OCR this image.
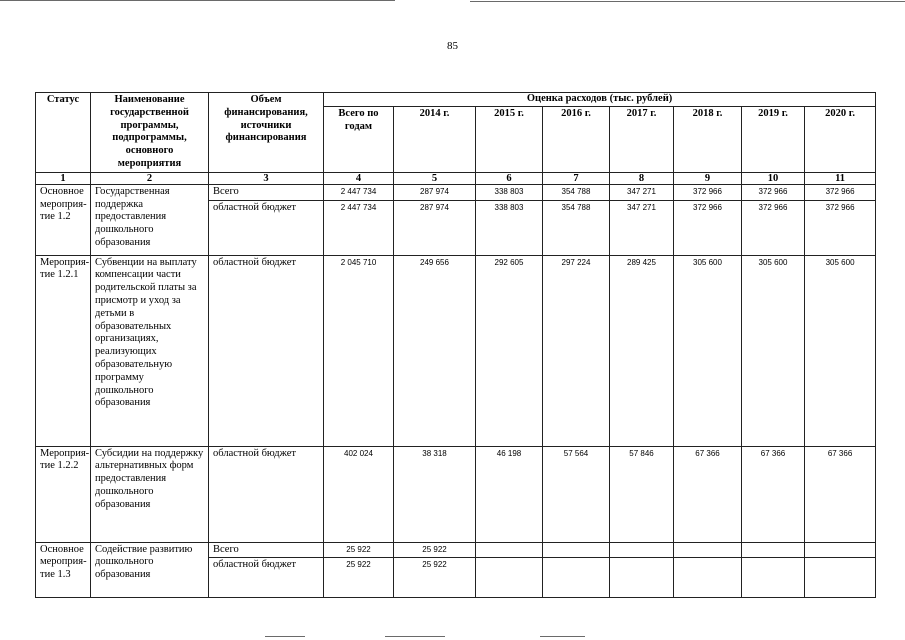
85
Статус	Наименование государственной программы, подпрограммы, основного мероприятия	Объем финансирования, источники финансирования	Оценка расходов (тыс. рублей)							
			Всего по годам	2014 г.	2015 г.	2016 г.	2017 г.	2018 г.	2019 г.	2020 г.
1	2	3	4	5	6	7	8	9	10	11
Основное мероприя-тие 1.2	Государственная поддержка предоставления дошкольного образования	Всего	2 447 734	287 974	338 803	354 788	347 271	372 966	372 966	372 966
		областной бюджет	2 447 734	287 974	338 803	354 788	347 271	372 966	372 966	372 966
Мероприя-тие 1.2.1	Субвенции на выплату компенсации части родительской платы за присмотр и уход за детьми в образовательных организациях, реализующих образовательную программу дошкольного образования	областной бюджет	2 045 710	249 656	292 605	297 224	289 425	305 600	305 600	305 600
Мероприя-тие 1.2.2	Субсидии на поддержку альтернативных форм предоставления дошкольного образования	областной бюджет	402 024	38 318	46 198	57 564	57 846	67 366	67 366	67 366
Основное мероприя-тие 1.3	Содействие развитию дошкольного образования	Всего	25 922	25 922						
		областной бюджет	25 922	25 922						
